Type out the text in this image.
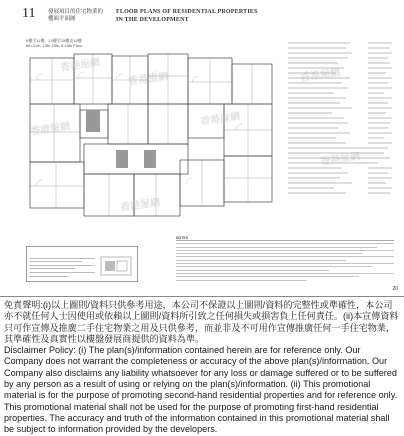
11 發展項目的住宅物業的樓面平面圖
FLOOR PLANS OF RESIDENTIAL PROPERTIES IN THE DEVELOPMENT
6樓至11樓、13樓至15樓及16樓
6th-11th, 13th-15th & 16th Floor
香港屋網
香港屋網
香港屋網
香港屋網
香港屋網
香港屋網
香港屋網
NOTES
20

免責聲明:(i)以上圖則/資料只供參考用途，本公司不保證以上圖則/資料的完整性或準確性，本公司亦不就任何人士因使用或依賴以上圖則/資料所引致之任何損失或損害負上任何責任。(ii)本宣傳資料只可作宣傳及推廣二手住宅物業之用及只供參考，而並非及不可用作宣傳推廣任何一手住宅物業，其準確性及真實性以樓盤發展商提供的資料為準。

Disclaimer Policy: (i) The plan(s)/information contained herein are for reference only. Our Company does not warrant the completeness or accuracy of the above plan(s)/information. Our Company also disclaims any liability whatsoever for any loss or damage suffered or to be suffered by any person as a result of using or relying on the plan(s)/information. (ii) This promotional material is for the purpose of promoting second-hand residential properties and for reference only. This promotional material shall not be used for the purpose of promoting first-hand residential properties. The accuracy and truth of the information contained in this promotional material shall be subject to information provided by the developers.
